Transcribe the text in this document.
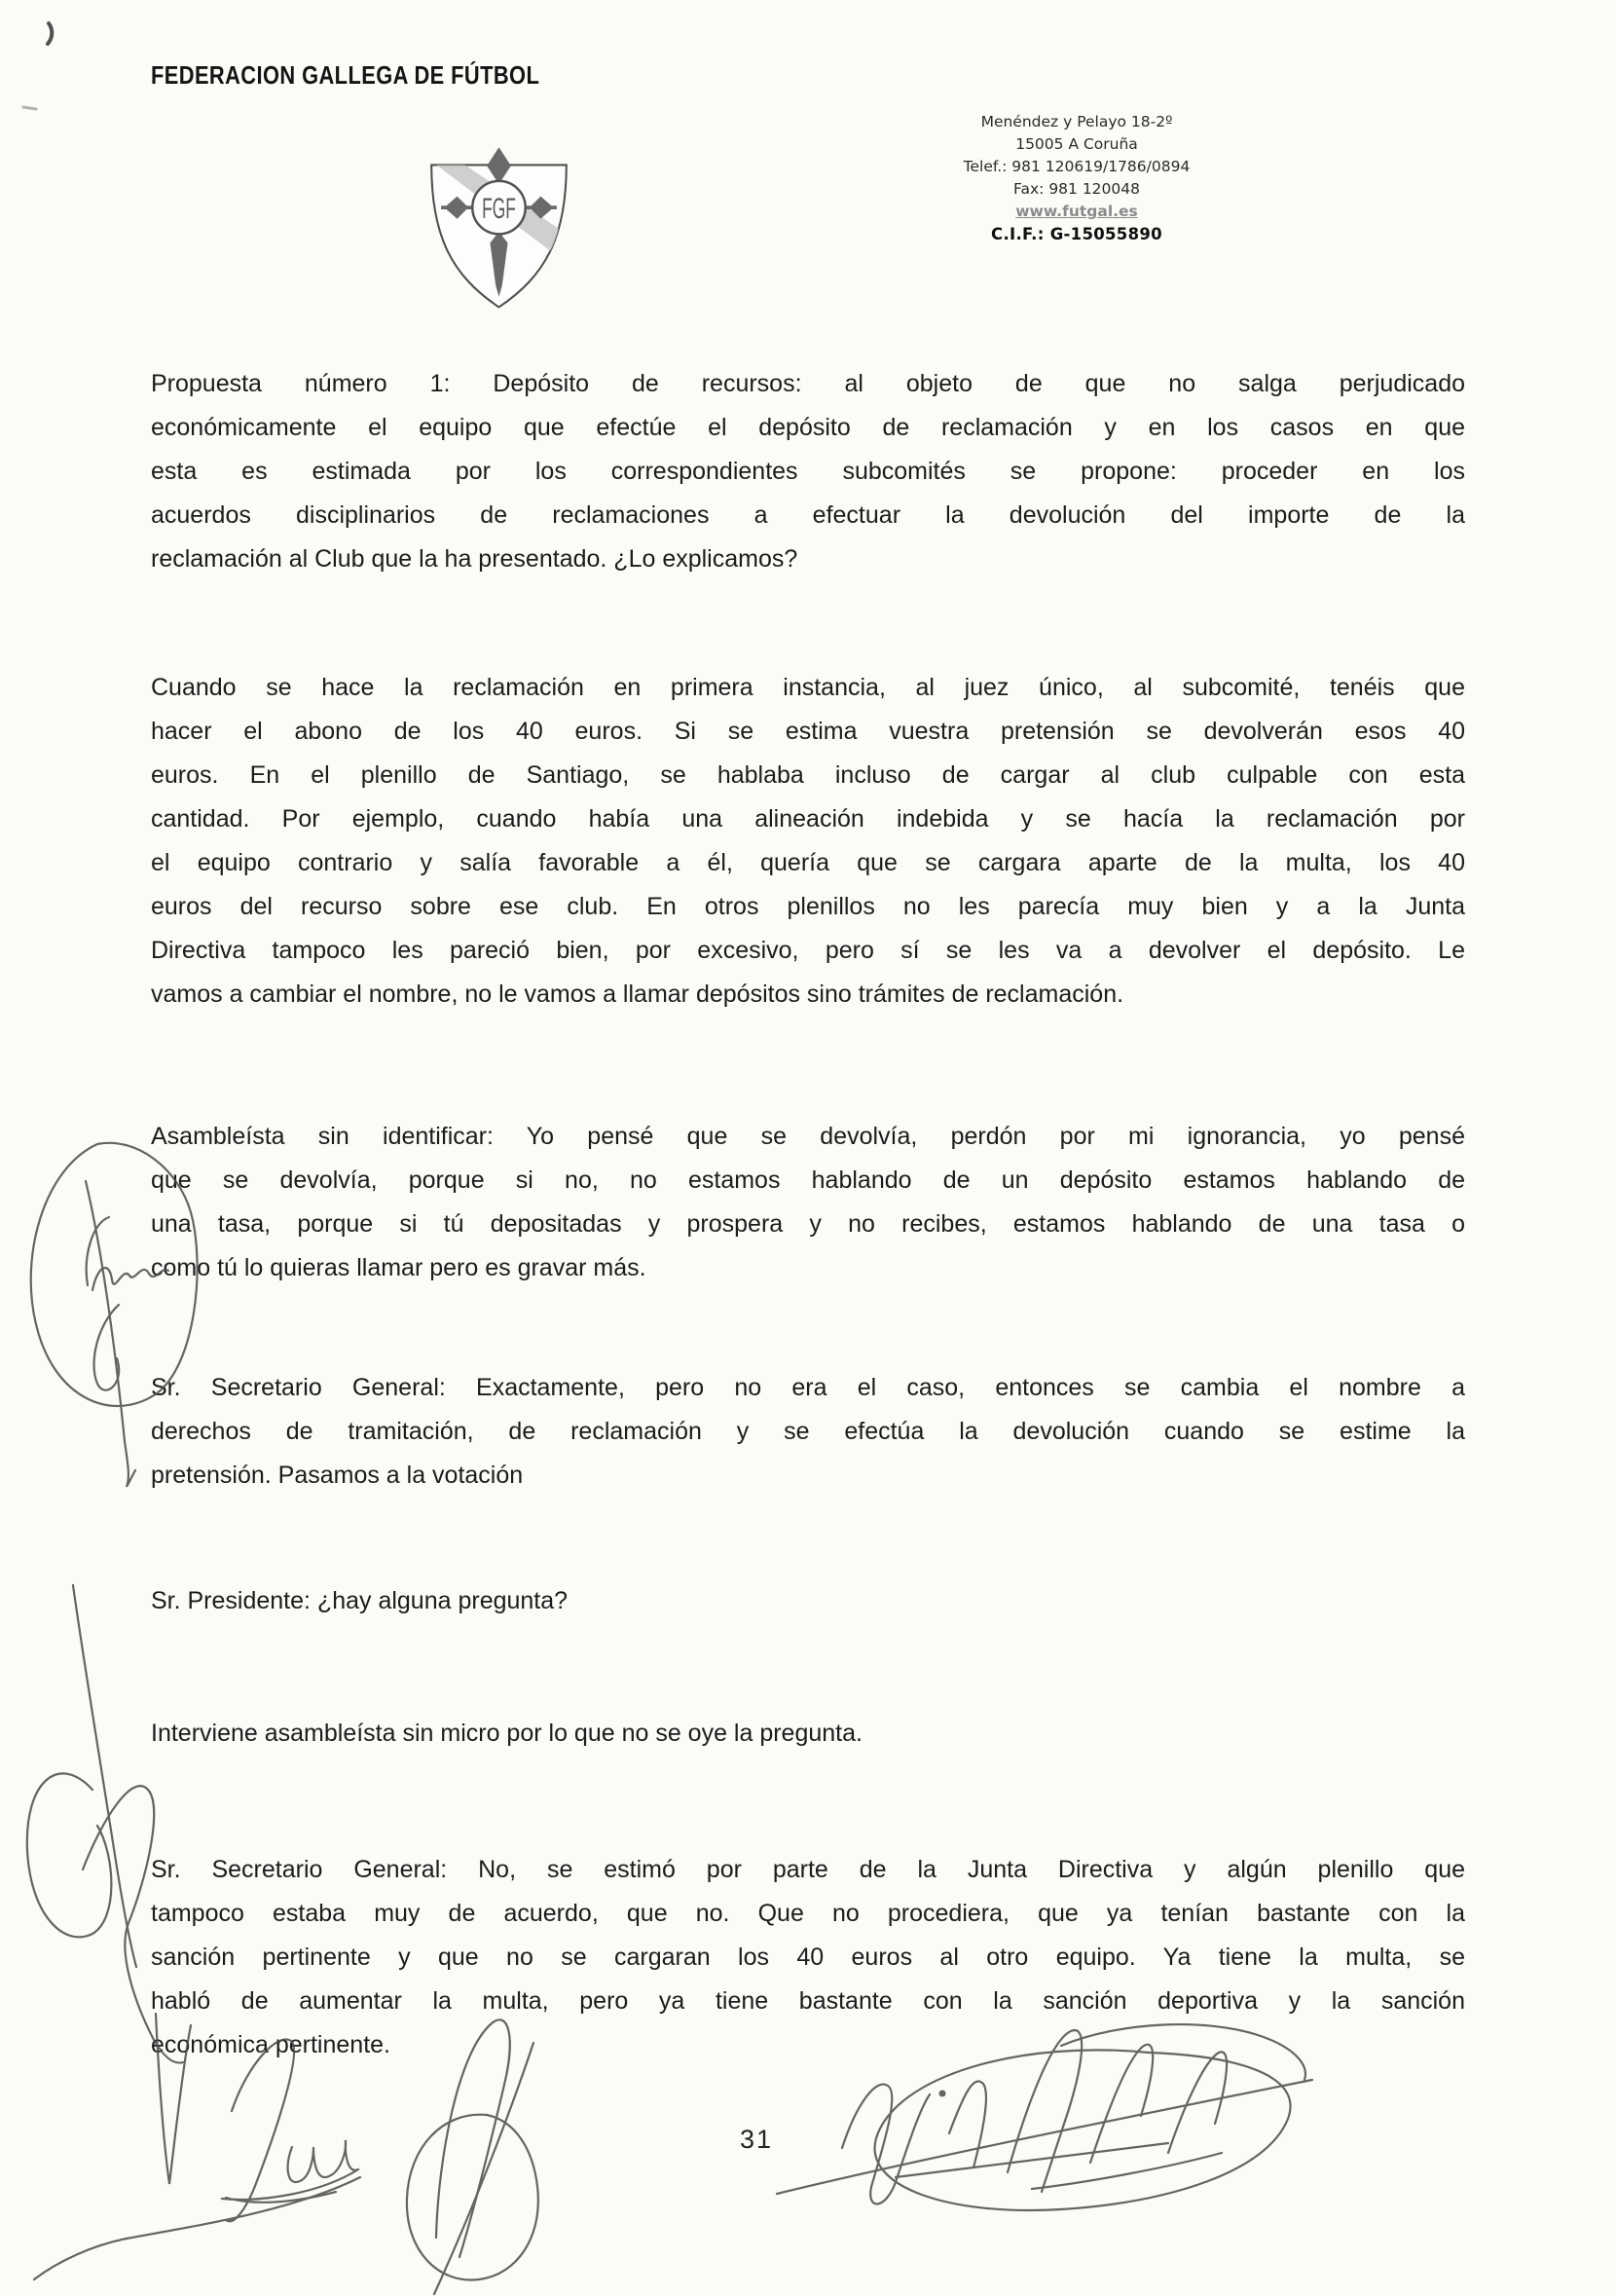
FEDERACION GALLEGA DE FÚTBOL
FGF
Menéndez y Pelayo 18-2º
15005 A Coruña
Telef.: 981 120619/1786/0894
Fax: 981 120048
www.futgal.es
C.I.F.: G-15055890
Propuesta número 1: Depósito de recursos: al objeto de que no salga perjudicado
económicamente el equipo que efectúe el depósito de reclamación y en los casos en que
esta es estimada por los correspondientes subcomités se propone: proceder en los
acuerdos disciplinarios de reclamaciones a efectuar la devolución del importe de la
reclamación al Club que la ha presentado. ¿Lo explicamos?
Cuando se hace la reclamación en primera instancia, al juez único, al subcomité, tenéis que
hacer el abono de los 40 euros. Si se estima vuestra pretensión se devolverán esos 40
euros. En el plenillo de Santiago, se hablaba incluso de cargar al club culpable con esta
cantidad. Por ejemplo, cuando había una alineación indebida y se hacía la reclamación por
el equipo contrario y salía favorable a él, quería que se cargara aparte de la multa, los 40
euros del recurso sobre ese club. En otros plenillos no les parecía muy bien y a la Junta
Directiva tampoco les pareció bien, por excesivo, pero sí se les va a devolver el depósito. Le
vamos a cambiar el nombre, no le vamos a llamar depósitos sino trámites de reclamación.
Asambleísta sin identificar: Yo pensé que se devolvía, perdón por mi ignorancia, yo pensé
que se devolvía, porque si no, no estamos hablando de un depósito estamos hablando de
una tasa, porque si tú depositadas y prospera y no recibes, estamos hablando de una tasa o
como tú lo quieras llamar pero es gravar más.
Sr. Secretario General: Exactamente, pero no era el caso, entonces se cambia el nombre a
derechos de tramitación, de reclamación y se efectúa la devolución cuando se estime la
pretensión. Pasamos a la votación
Sr. Presidente: ¿hay alguna pregunta?
Interviene asambleísta sin micro por lo que no se oye la pregunta.
Sr. Secretario General: No, se estimó por parte de la Junta Directiva y algún plenillo que
tampoco estaba muy de acuerdo, que no. Que no procediera, que ya tenían bastante con la
sanción pertinente y que no se cargaran los 40 euros al otro equipo. Ya tiene la multa, se
habló de aumentar la multa, pero ya tiene bastante con la sanción deportiva y la sanción
económica pertinente.
31
